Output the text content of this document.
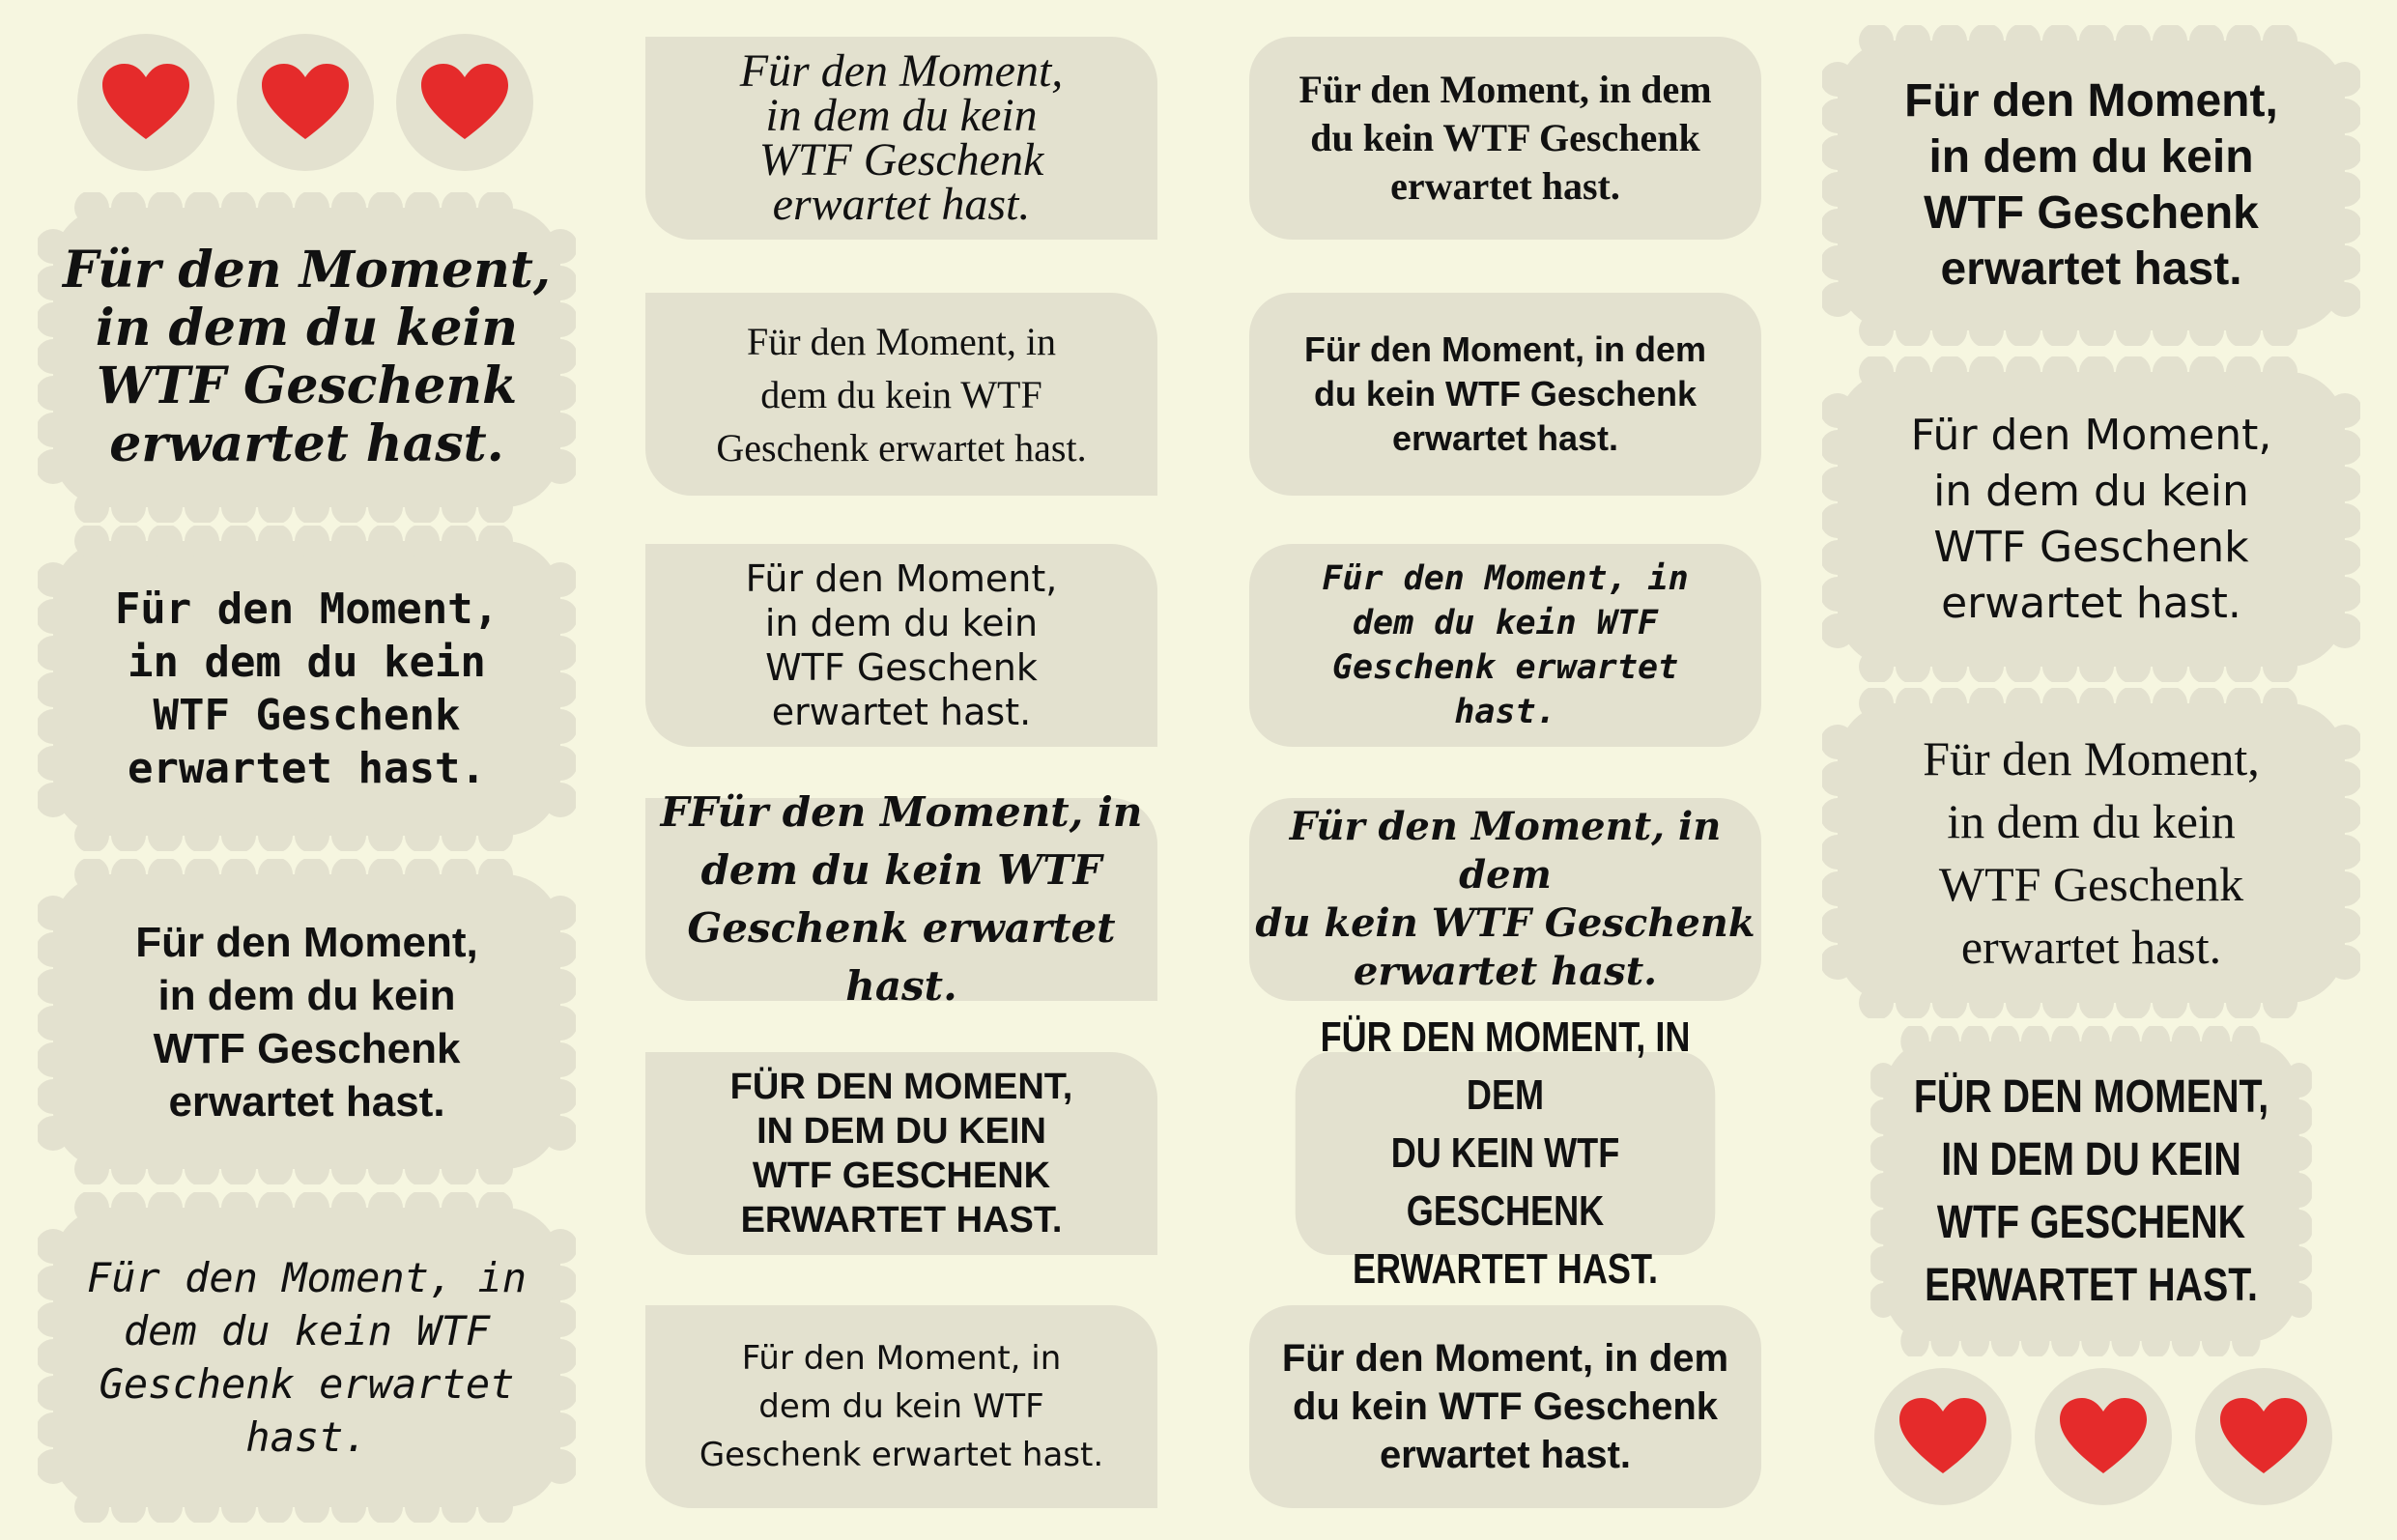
Für den Moment,
in dem du kein
WTF Geschenk
erwartet hast.
Für den Moment,
in dem du kein
WTF Geschenk
erwartet hast.
Für den Moment,
in dem du kein
WTF Geschenk
erwartet hast.
Für den Moment, in
dem du kein WTF
Geschenk erwartet
hast.
Für den Moment,
in dem du kein
WTF Geschenk
erwartet hast.
Für den Moment, in
dem du kein WTF
Geschenk erwartet hast.
Für den Moment,
in dem du kein
WTF Geschenk
erwartet hast.
FFür den Moment, in
dem du kein WTF
Geschenk erwartet hast.
FÜR DEN MOMENT,
IN DEM DU KEIN
WTF GESCHENK
ERWARTET HAST.
Für den Moment, in
dem du kein WTF
Geschenk erwartet hast.
Für den Moment, in dem
du kein WTF Geschenk
erwartet hast.
Für den Moment, in dem
du kein WTF Geschenk
erwartet hast.
Für den Moment, in
dem du kein WTF
Geschenk erwartet
hast.
Für den Moment, in dem
du kein WTF Geschenk
erwartet hast.
FÜR DEN MOMENT, IN DEM
DU KEIN WTF GESCHENK
ERWARTET HAST.
Für den Moment, in dem
du kein WTF Geschenk
erwartet hast.
Für den Moment,
in dem du kein
WTF Geschenk
erwartet hast.
Für den Moment,
in dem du kein
WTF Geschenk
erwartet hast.
Für den Moment,
in dem du kein
WTF Geschenk
erwartet hast.
FÜR DEN MOMENT,
IN DEM DU KEIN
WTF GESCHENK
ERWARTET HAST.
